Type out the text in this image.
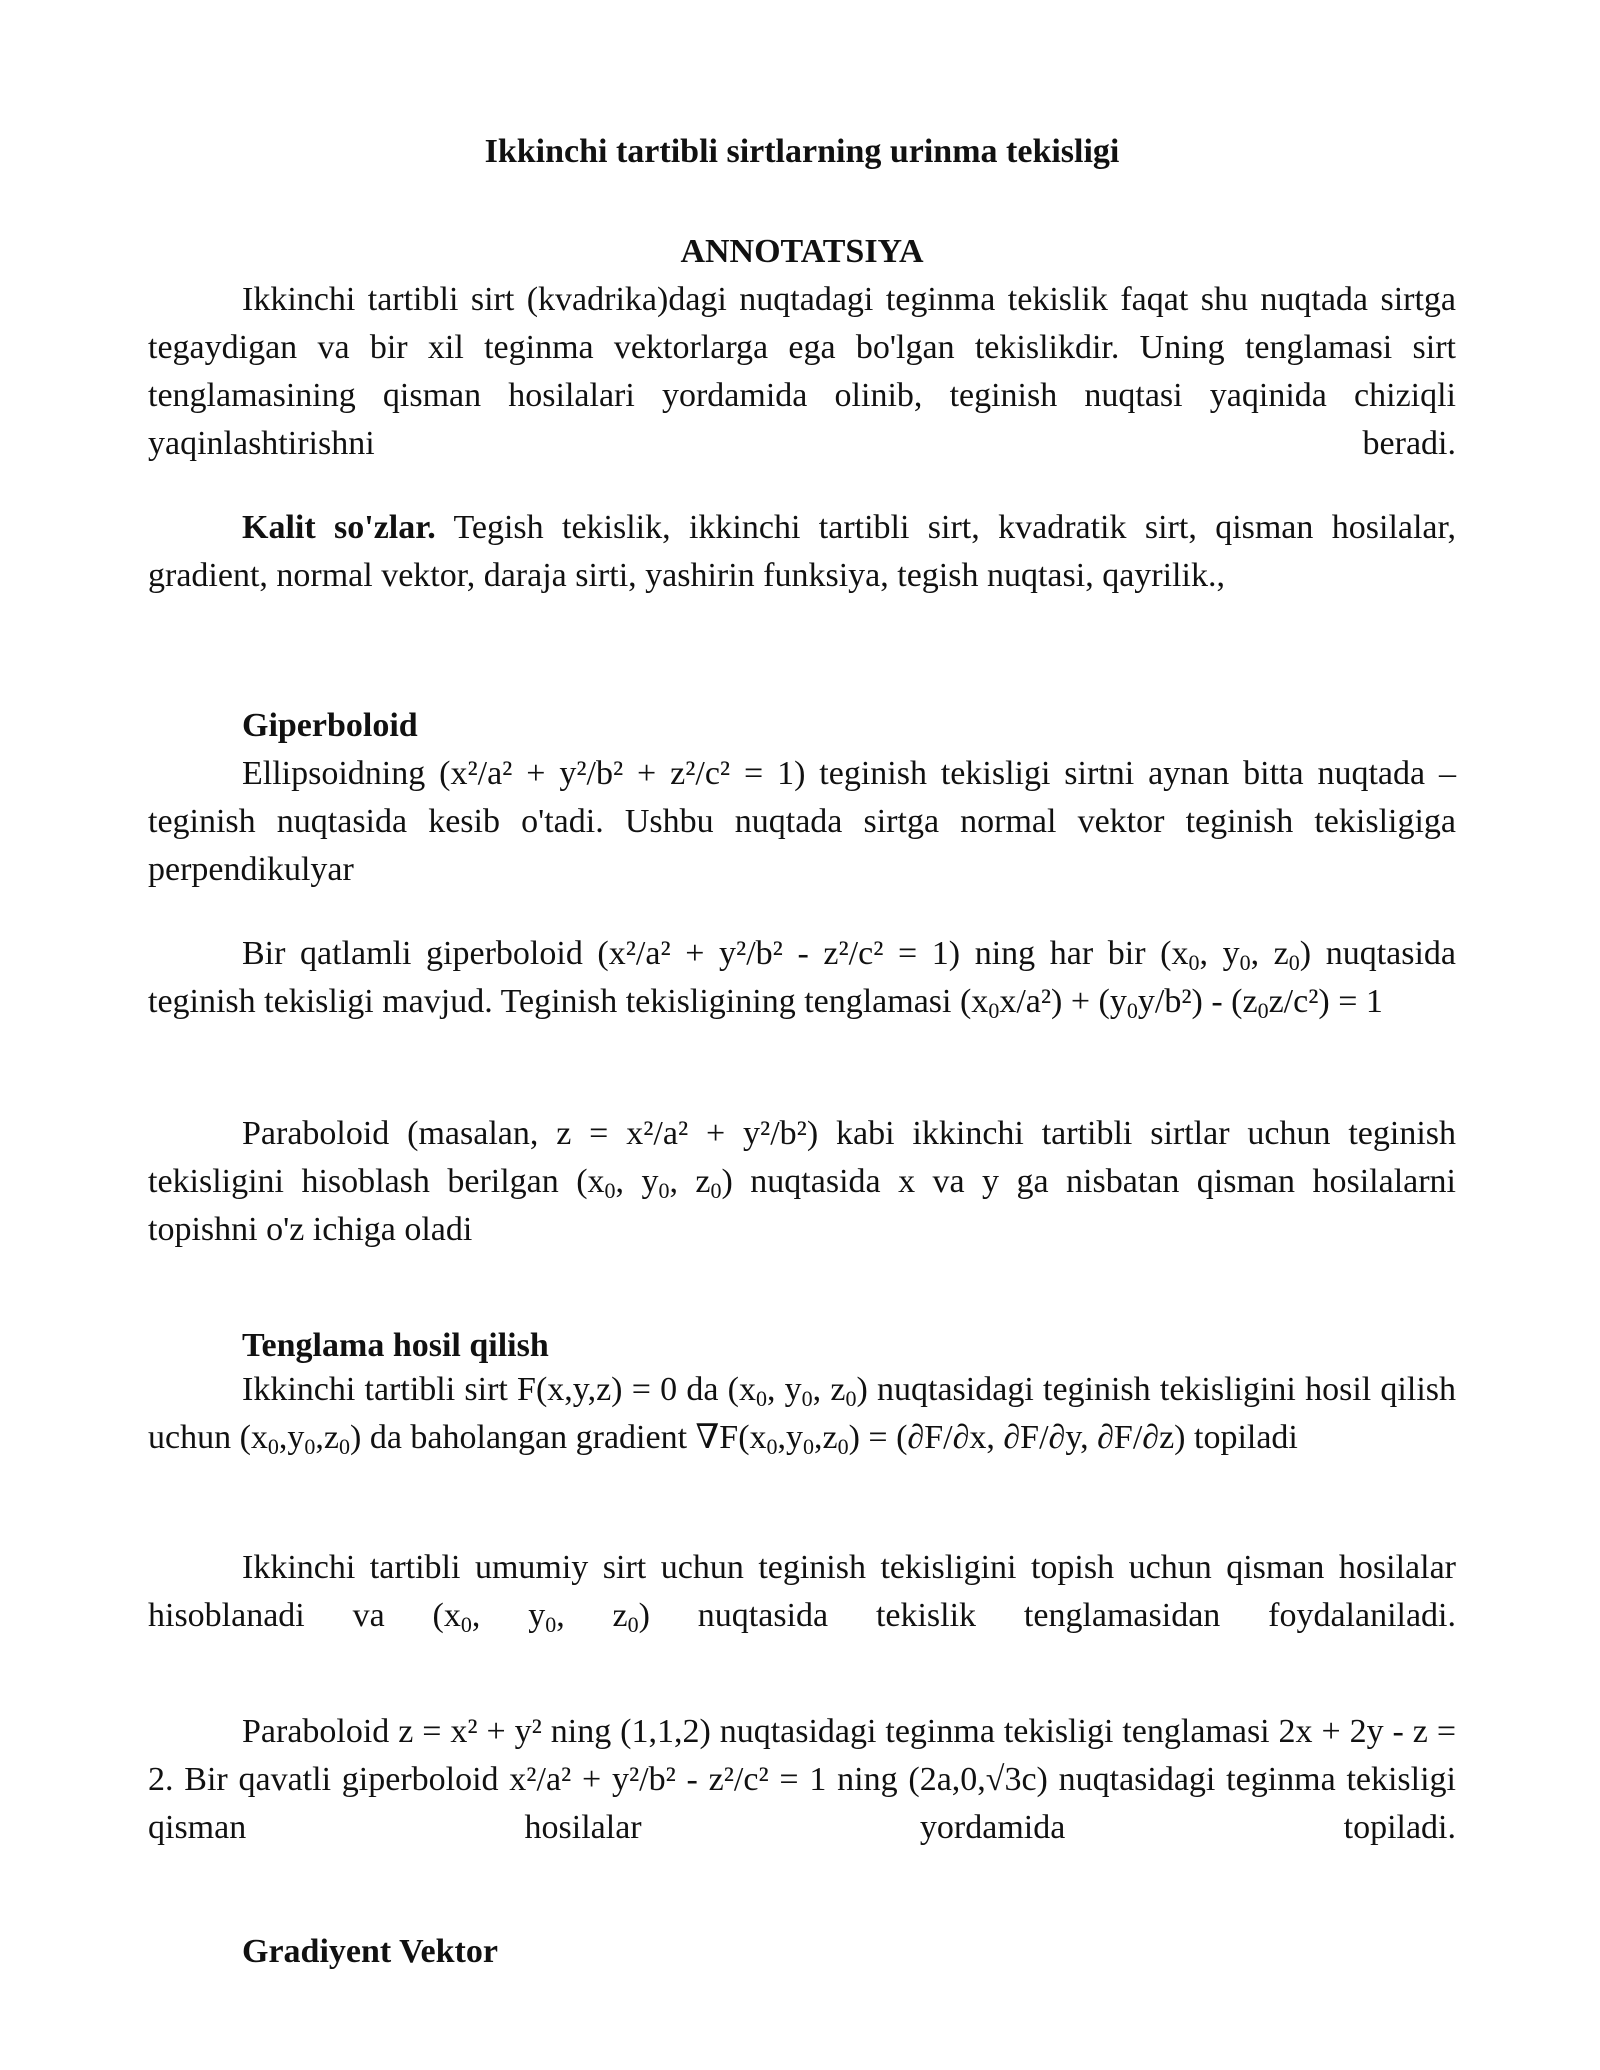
Ikkinchi tartibli sirtlarning urinma tekisligi
ANNOTATSIYA

Ikkinchi tartibli sirt (kvadrika)dagi nuqtadagi teginma tekislik faqat shu nuqtada sirtga tegaydigan va bir xil teginma vektorlarga ega bo'lgan tekislikdir. Uning tenglamasi sirt tenglamasining qisman hosilalari yordamida olinib, teginish nuqtasi yaqinida chiziqli yaqinlashtirishni beradi.

Kalit so'zlar. Tegish tekislik, ikkinchi tartibli sirt, kvadratik sirt, qisman hosilalar, gradient, normal vektor, daraja sirti, yashirin funksiya, tegish nuqtasi, qayrilik.,

Giperboloid

Ellipsoidning (x²/a² + y²/b² + z²/c² = 1) teginish tekisligi sirtni aynan bitta nuqtada – teginish nuqtasida kesib o'tadi. Ushbu nuqtada sirtga normal vektor teginish tekisligiga perpendikulyar

Bir qatlamli giperboloid (x²/a² + y²/b² - z²/c² = 1) ning har bir ($x_0$, $y_0$, $z_0$) nuqtasida teginish tekisligi mavjud. Teginish tekisligining tenglamasi $(x_0x/a^2) + (y_0y/b^2) - (z_0z/c^2) = 1$

Paraboloid (masalan, z = x²/a² + y²/b²) kabi ikkinchi tartibli sirtlar uchun teginish tekisligini hisoblash berilgan ($x_0$, $y_0$, $z_0$) nuqtasida x va y ga nisbatan qisman hosilalarni topishni o'z ichiga oladi

Tenglama hosil qilish

Ikkinchi tartibli sirt F(x,y,z) = 0 da ($x_0$, $y_0$, $z_0$) nuqtasidagi teginish tekisligini hosil qilish uchun $(x_0,y_0,z_0)$ da baholangan gradient $\nabla F(x_0,y_0,z_0) = (\partial F/\partial x$, ∂F/∂y, ∂F/∂z) topiladi

Ikkinchi tartibli umumiy sirt uchun teginish tekisligini topish uchun qisman hosilalar hisoblanadi va ($x_0$, $y_0$, $z_0$) nuqtasida tekislik tenglamasidan foydalaniladi.

Paraboloid z = x² + y² ning (1,1,2) nuqtasidagi teginma tekisligi tenglamasi 2x + 2y - z = 2. Bir qavatli giperboloid x²/a² + y²/b² - z²/c² = 1 ning (2a,0,√3c) nuqtasidagi teginma tekisligi qisman hosilalar yordamida topiladi.

Gradiyent Vektor
